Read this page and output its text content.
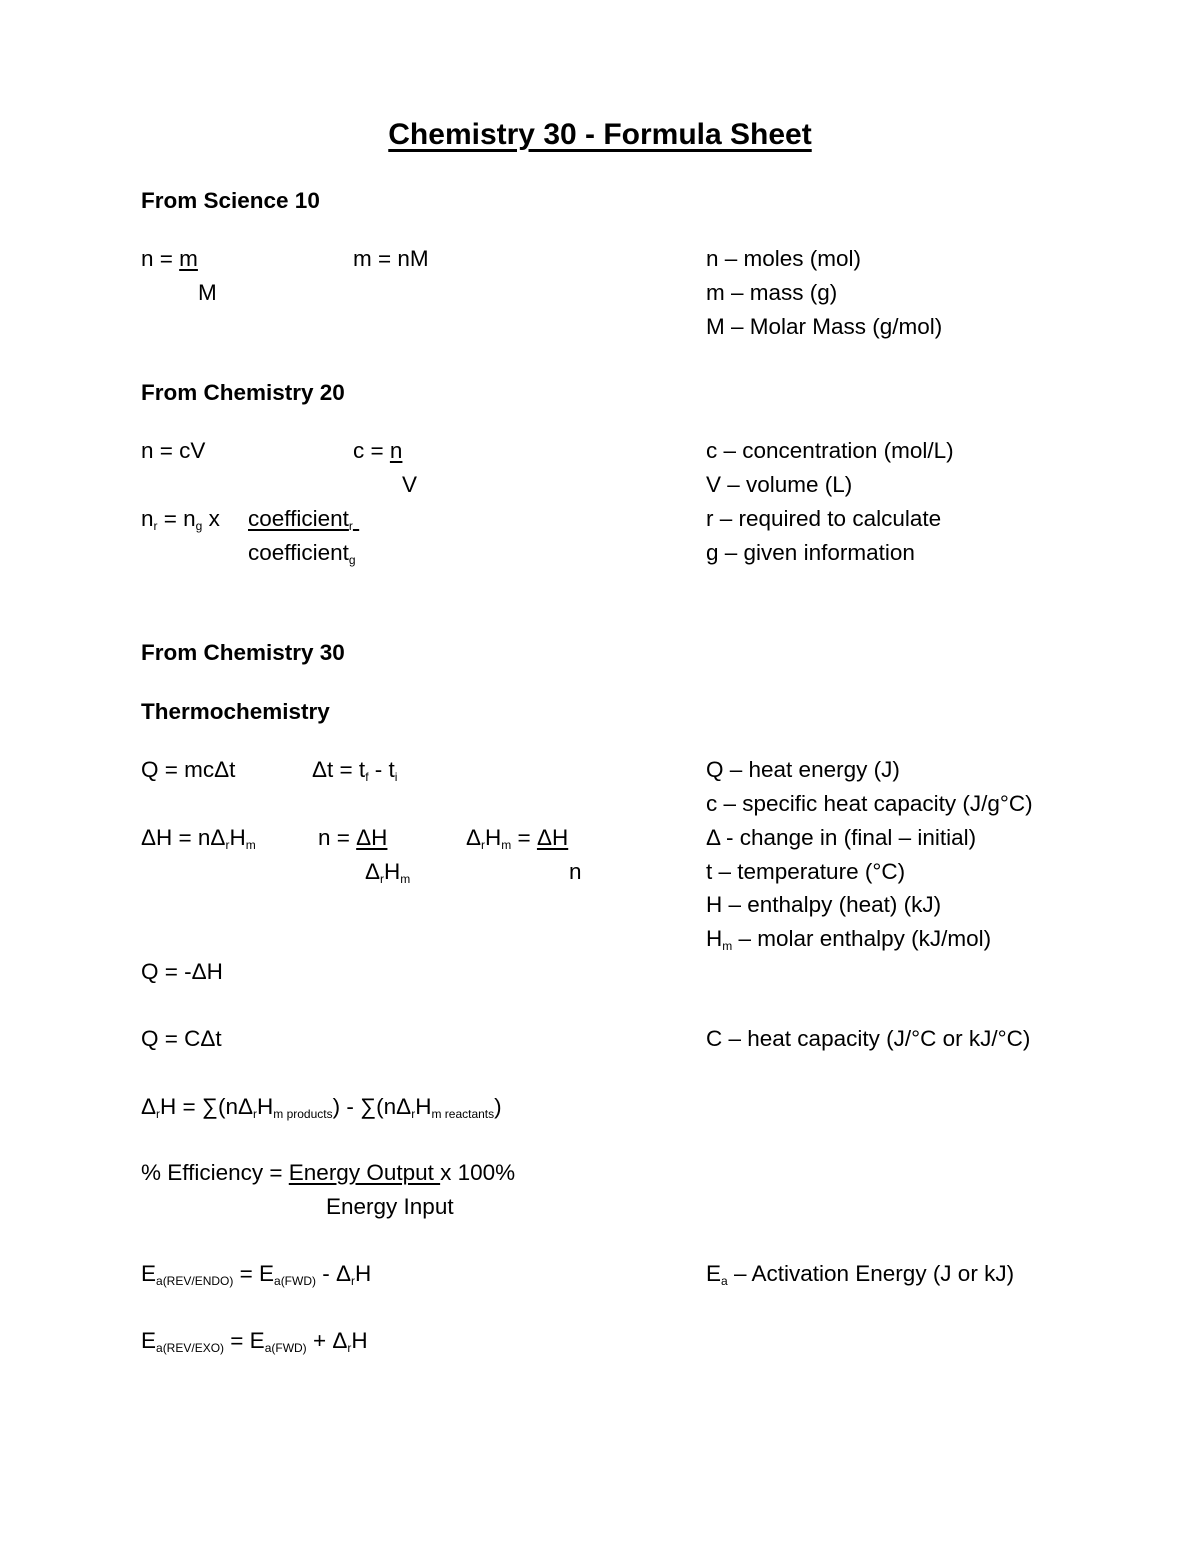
Chemistry 30 - Formula Sheet
From Science 10
n = m
M
m = nM	n – moles (mol)
m – mass (g)
M – Molar Mass (g/mol)
From Chemistry 20
n = cV	c = n
V
$n_r = n_g$ x coefficient$_r$
coefficient$_g$
c – concentration (mol/L)
V – volume (L)
r – required to calculate
g – given information
From Chemistry 30
Thermochemistry
Q = mcΔt	$\Delta t = t_f - t_i$
$\Delta H = n\Delta_rH_m$	n = ΔH
$\Delta_rH_m$
$\Delta_rH_m = \Delta H$
n
Q – heat energy (J)
c – specific heat capacity (J/g°C)
Δ - change in (final – initial)
t – temperature (°C)
H – enthalpy (heat) (kJ)
$H_m$ – molar enthalpy (kJ/mol)
Q = -ΔH
Q = CΔt	C – heat capacity (J/°C or kJ/°C)
$\Delta_rH = \sum(n\Delta_rH_{m products}) - \sum(n\Delta_rH_{m reactants})$
% Efficiency = Energy Output x 100%
Energy Input
$E_{a(REV/ENDO)} = E_{a(FWD)} - \Delta_rH$	$E_a$ – Activation Energy (J or kJ)
$E_{a(REV/EXO)} = E_{a(FWD)} + \Delta_rH$
